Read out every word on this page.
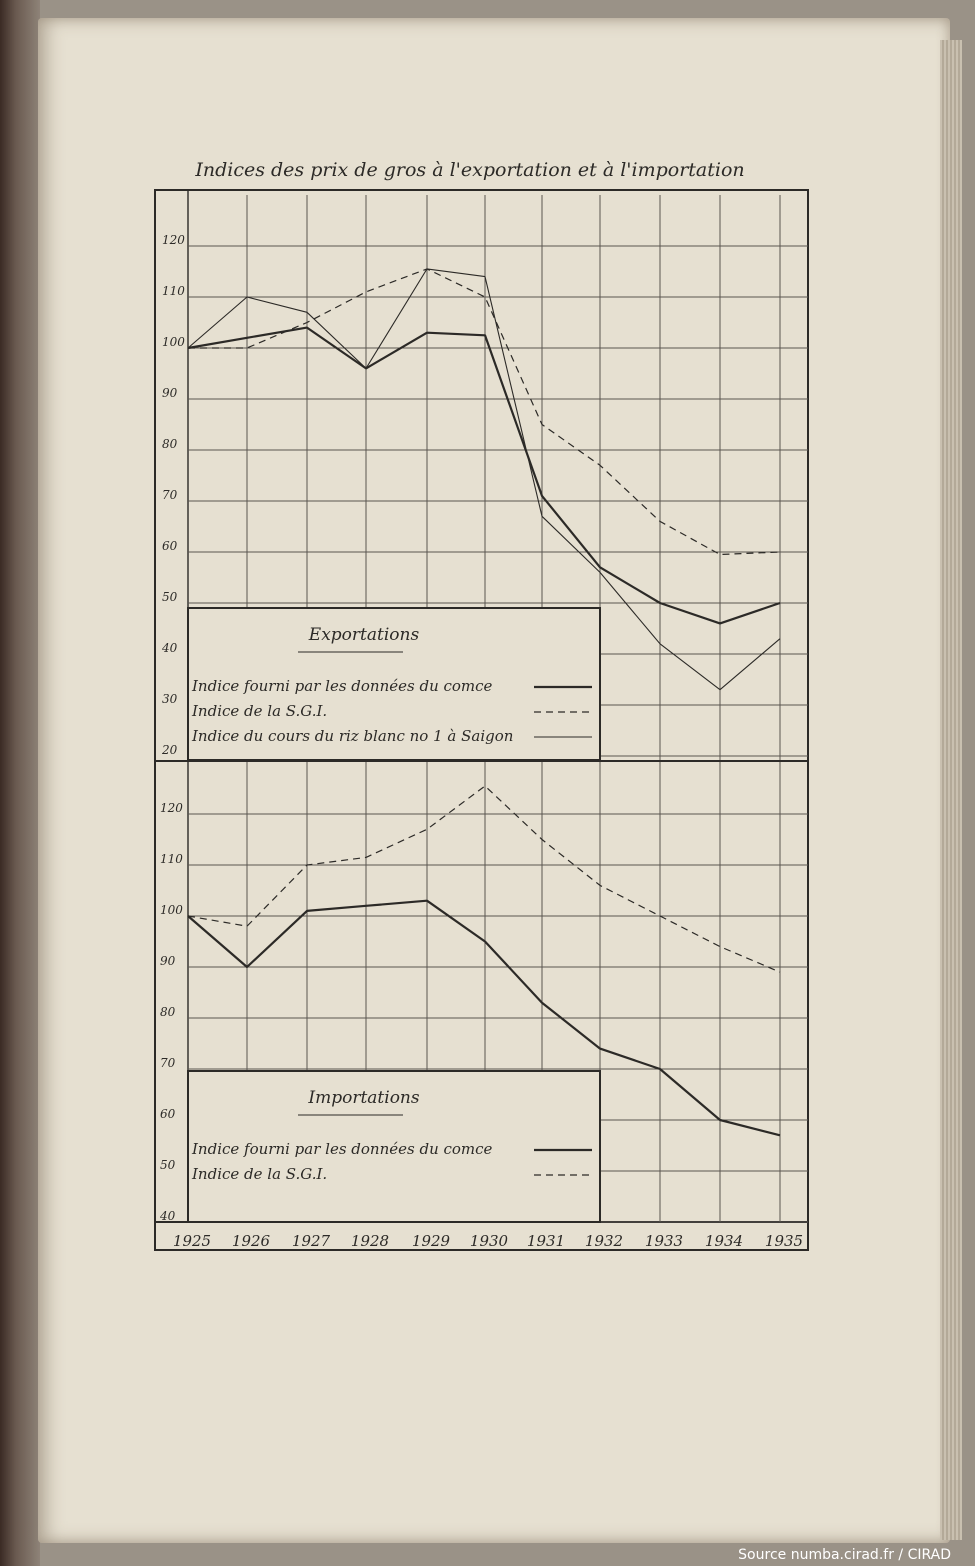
Indices des prix de gros à l'exportation et à l'importation
120
110
100
90
80
70
60
50
40
30
20
120
110
100
90
80
70
60
50
40
1925 1926 1927 1928 1929 1930 1931 1932 1933 1934 1935
Exportations
Indice fourni par les données du comce
Indice de la S.G.I.
Indice du cours du riz blanc no 1 à Saigon
Importations
Indice fourni par les données du comce
Indice de la S.G.I.
Source numba.cirad.fr / CIRAD
